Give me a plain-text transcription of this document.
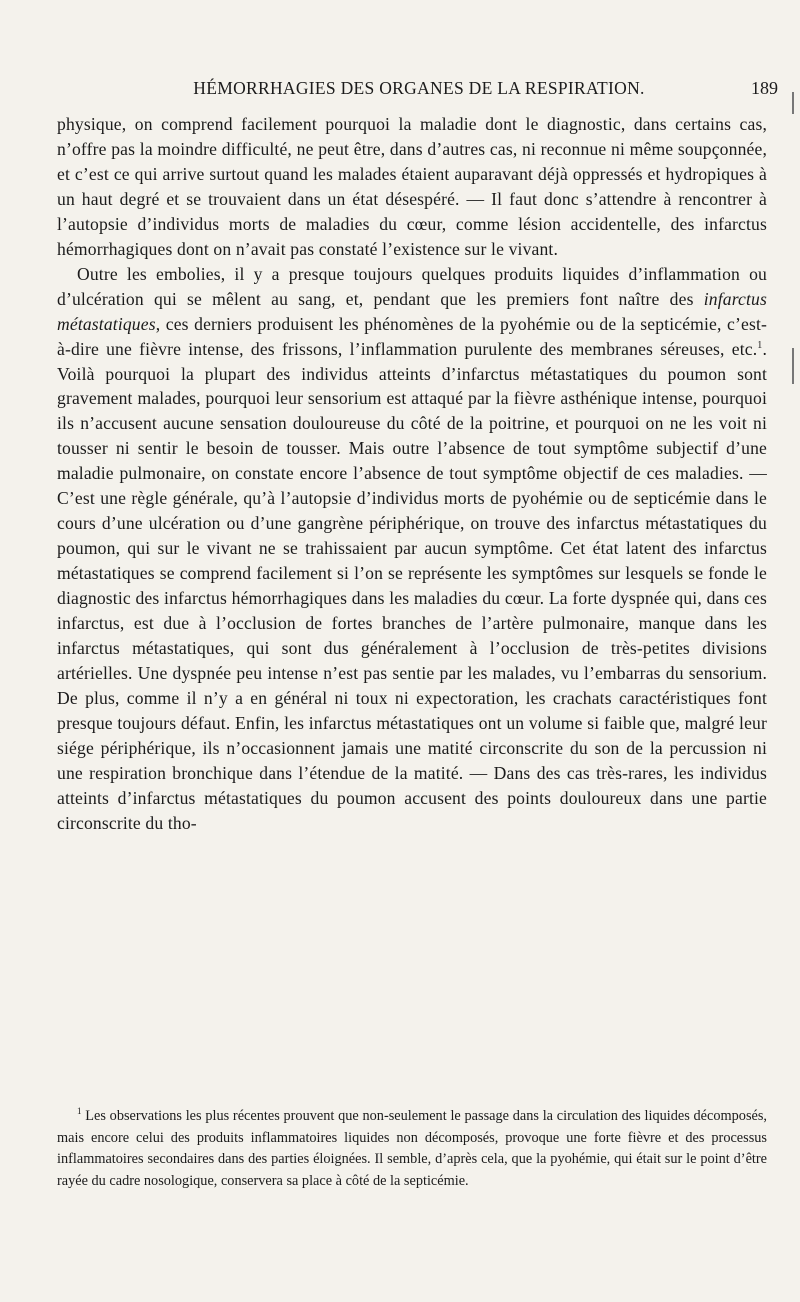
HÉMORRHAGIES DES ORGANES DE LA RESPIRATION.	189

physique, on comprend facilement pourquoi la maladie dont le diagnostic, dans certains cas, n’offre pas la moindre difficulté, ne peut être, dans d’autres cas, ni reconnue ni même soupçonnée, et c’est ce qui arrive surtout quand les malades étaient auparavant déjà oppressés et hydropiques à un haut degré et se trouvaient dans un état désespéré. — Il faut donc s’attendre à rencontrer à l’autopsie d’individus morts de maladies du cœur, comme lésion accidentelle, des infarctus hémorrhagiques dont on n’avait pas constaté l’existence sur le vivant.

Outre les embolies, il y a presque toujours quelques produits liquides d’inflammation ou d’ulcération qui se mêlent au sang, et, pendant que les premiers font naître des infarctus métastatiques, ces derniers produisent les phénomènes de la pyohémie ou de la septicémie, c’est-à-dire une fièvre intense, des frissons, l’inflammation purulente des membranes séreuses, etc.$^1$. Voilà pourquoi la plupart des individus atteints d’infarctus métastatiques du poumon sont gravement malades, pourquoi leur sensorium est attaqué par la fièvre asthénique intense, pourquoi ils n’accusent aucune sensation douloureuse du côté de la poitrine, et pourquoi on ne les voit ni tousser ni sentir le besoin de tousser. Mais outre l’absence de tout symptôme subjectif d’une maladie pulmonaire, on constate encore l’absence de tout symptôme objectif de ces maladies. — C’est une règle générale, qu’à l’autopsie d’individus morts de pyohémie ou de septicémie dans le cours d’une ulcération ou d’une gangrène périphérique, on trouve des infarctus métastatiques du poumon, qui sur le vivant ne se trahissaient par aucun symptôme. Cet état latent des infarctus métastatiques se comprend facilement si l’on se représente les symptômes sur lesquels se fonde le diagnostic des infarctus hémorrhagiques dans les maladies du cœur. La forte dyspnée qui, dans ces infarctus, est due à l’occlusion de fortes branches de l’artère pulmonaire, manque dans les infarctus métastatiques, qui sont dus généralement à l’occlusion de très-petites divisions artérielles. Une dyspnée peu intense n’est pas sentie par les malades, vu l’embarras du sensorium. De plus, comme il n’y a en général ni toux ni expectoration, les crachats caractéristiques font presque toujours défaut. Enfin, les infarctus métastatiques ont un volume si faible que, malgré leur siége périphérique, ils n’occasionnent jamais une matité circonscrite du son de la percussion ni une respiration bronchique dans l’étendue de la matité. — Dans des cas très-rares, les individus atteints d’infarctus métastatiques du poumon accusent des points douloureux dans une partie circonscrite du tho-

$^1$ Les observations les plus récentes prouvent que non-seulement le passage dans la circulation des liquides décomposés, mais encore celui des produits inflammatoires liquides non décomposés, provoque une forte fièvre et des processus inflammatoires secondaires dans des parties éloignées. Il semble, d’après cela, que la pyohémie, qui était sur le point d’être rayée du cadre nosologique, conservera sa place à côté de la septicémie.
